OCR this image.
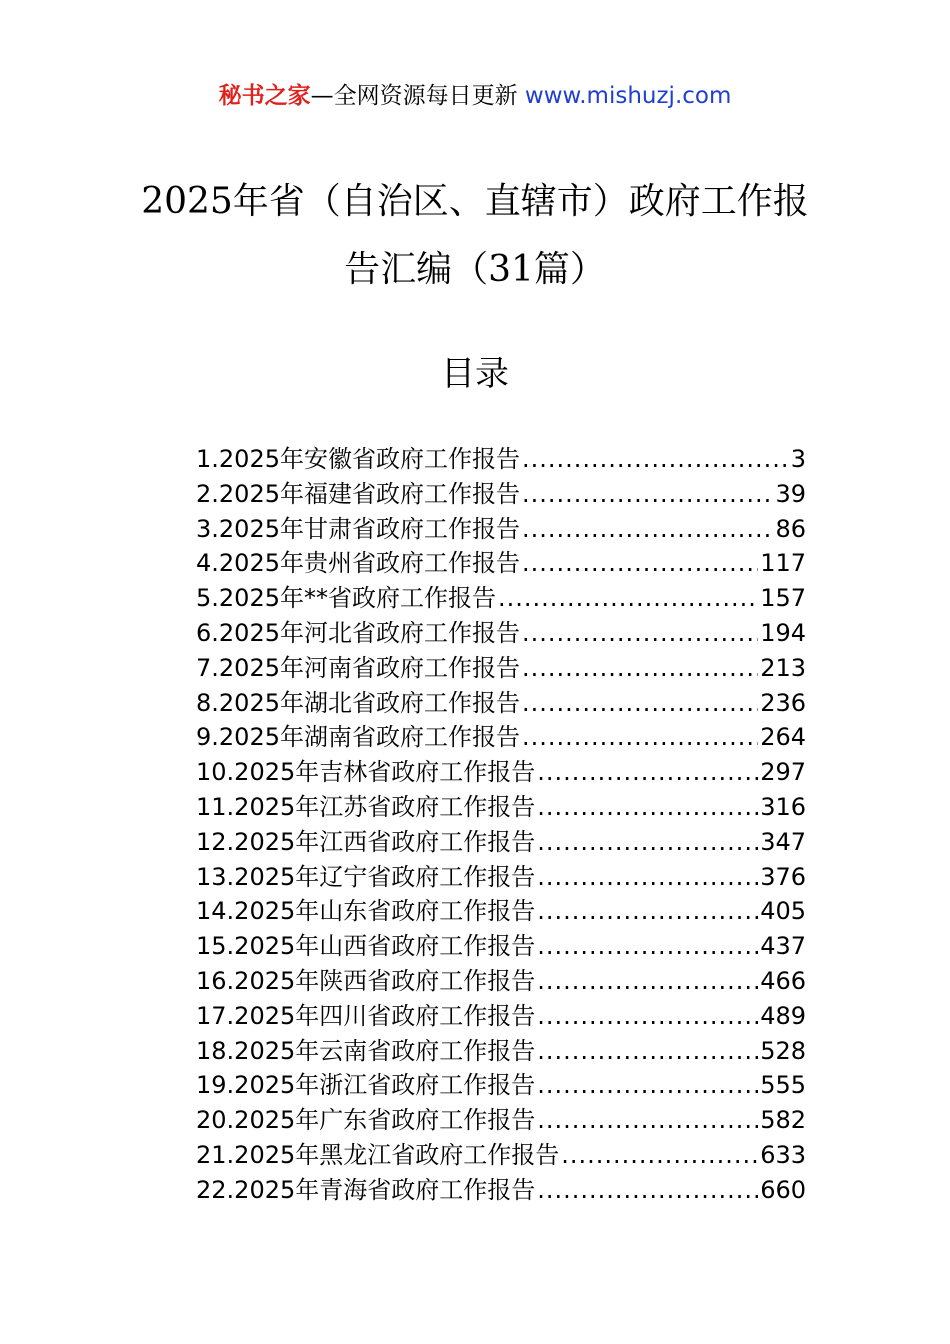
秘书之家—全网资源每日更新 www.mishuzj.com
2025年省（自治区、直辖市）政府工作报
告汇编（31篇）
目录
1.2025年安徽省政府工作报告 .....	3
2.2025年福建省政府工作报告 .....	39
3.2025年甘肃省政府工作报告 .....	86
4.2025年贵州省政府工作报告 .....	117
5.2025年**省政府工作报告 .....	157
6.2025年河北省政府工作报告 .....	194
7.2025年河南省政府工作报告 .....	213
8.2025年湖北省政府工作报告 .....	236
9.2025年湖南省政府工作报告 .....	264
10.2025年吉林省政府工作报告 .....	297
11.2025年江苏省政府工作报告 .....	316
12.2025年江西省政府工作报告 .....	347
13.2025年辽宁省政府工作报告 .....	376
14.2025年山东省政府工作报告 .....	405
15.2025年山西省政府工作报告 .....	437
16.2025年陕西省政府工作报告 .....	466
17.2025年四川省政府工作报告 .....	489
18.2025年云南省政府工作报告 .....	528
19.2025年浙江省政府工作报告 .....	555
20.2025年广东省政府工作报告 .....	582
21.2025年黑龙江省政府工作报告 .....	633
22.2025年青海省政府工作报告 .....	660
